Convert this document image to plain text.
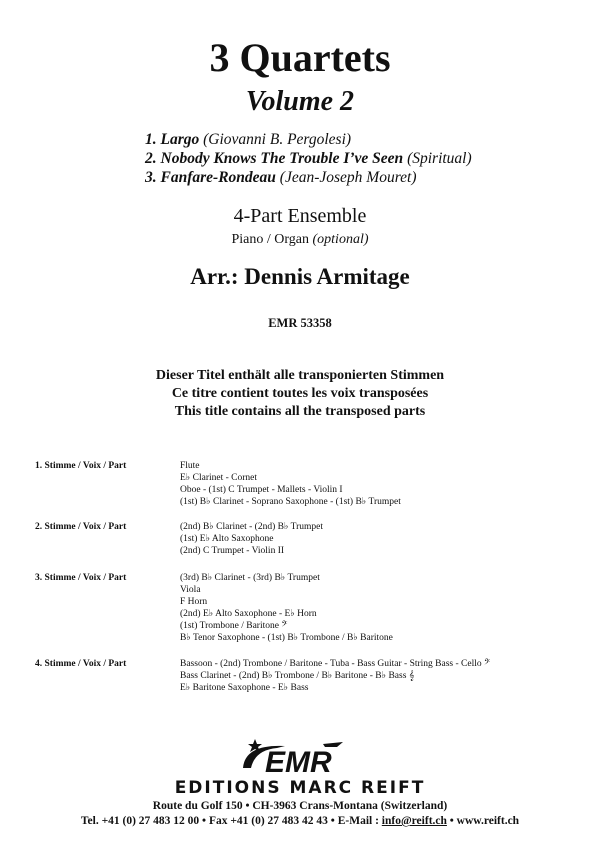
3 Quartets
Volume 2
1. Largo (Giovanni B. Pergolesi)
2. Nobody Knows The Trouble I’ve Seen (Spiritual)
3. Fanfare-Rondeau (Jean-Joseph Mouret)
4-Part Ensemble
Piano / Organ (optional)
Arr.: Dennis Armitage
EMR 53358
Dieser Titel enthält alle transponierten Stimmen
Ce titre contient toutes les voix transposées
This title contains all the transposed parts
1. Stimme / Voix / Part	Flute
E♭ Clarinet - Cornet
Oboe - (1st) C Trumpet - Mallets - Violin I
(1st) B♭ Clarinet - Soprano Saxophone - (1st) B♭ Trumpet
2. Stimme / Voix / Part	(2nd) B♭ Clarinet - (2nd) B♭ Trumpet
(1st) E♭ Alto Saxophone
(2nd) C Trumpet - Violin II
3. Stimme / Voix / Part	(3rd) B♭ Clarinet - (3rd) B♭ Trumpet
Viola
F Horn
(2nd) E♭ Alto Saxophone - E♭ Horn
(1st) Trombone / Baritone 𝄢
B♭ Tenor Saxophone - (1st) B♭ Trombone / B♭ Baritone
4. Stimme / Voix / Part	Bassoon - (2nd) Trombone / Baritone - Tuba - Bass Guitar - String Bass - Cello 𝄢
Bass Clarinet - (2nd) B♭ Trombone / B♭ Baritone - B♭ Bass 𝄞
E♭ Baritone Saxophone - E♭ Bass
EMR
EDITIONS MARC REIFT
Route du Golf 150 • CH-3963 Crans-Montana (Switzerland)
Tel. +41 (0) 27 483 12 00 • Fax +41 (0) 27 483 42 43 • E-Mail : info@reift.ch • www.reift.ch
